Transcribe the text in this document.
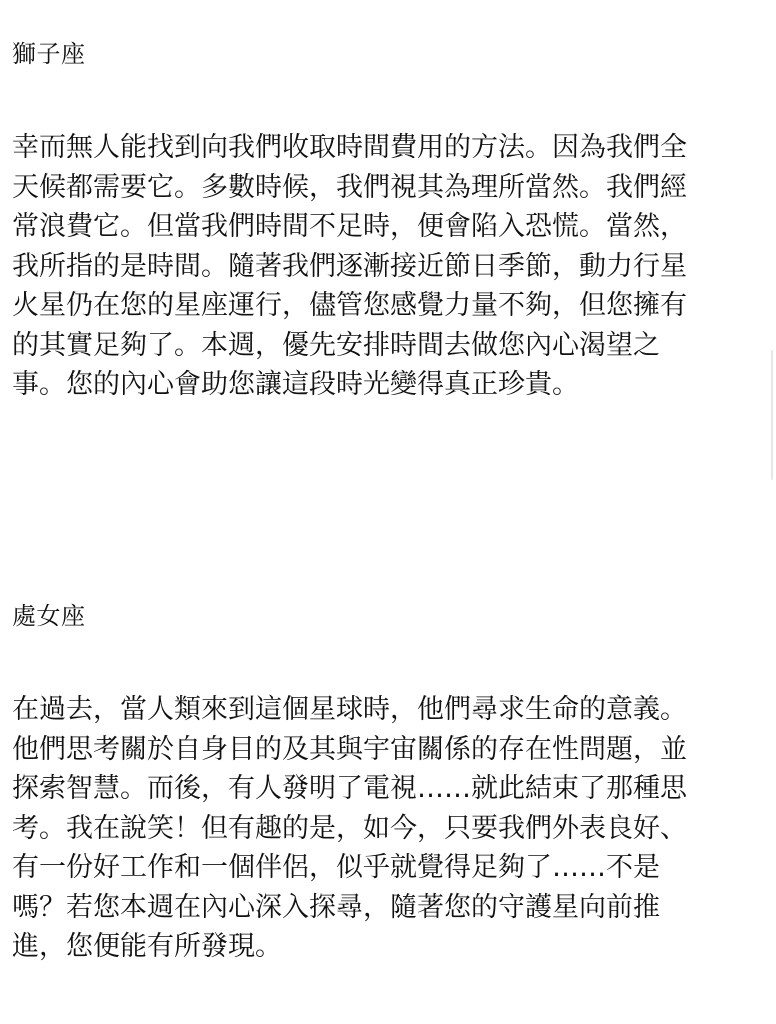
獅子座

幸而無人能找到向我們收取時間費用的方法。因為我們全
天候都需要它。多數時候，我們視其為理所當然。我們經
常浪費它。但當我們時間不足時，便會陷入恐慌。當然，
我所指的是時間。隨著我們逐漸接近節日季節，動力行星
火星仍在您的星座運行，儘管您感覺力量不夠，但您擁有
的其實足夠了。本週，優先安排時間去做您內心渴望之
事。您的內心會助您讓這段時光變得真正珍貴。

處女座

在過去，當人類來到這個星球時，他們尋求生命的意義。
他們思考關於自身目的及其與宇宙關係的存在性問題，並
探索智慧。而後，有人發明了電視……就此結束了那種思
考。我在說笑！但有趣的是，如今，只要我們外表良好、
有一份好工作和一個伴侶，似乎就覺得足夠了……不是
嗎？若您本週在內心深入探尋，隨著您的守護星向前推
進，您便能有所發現。
